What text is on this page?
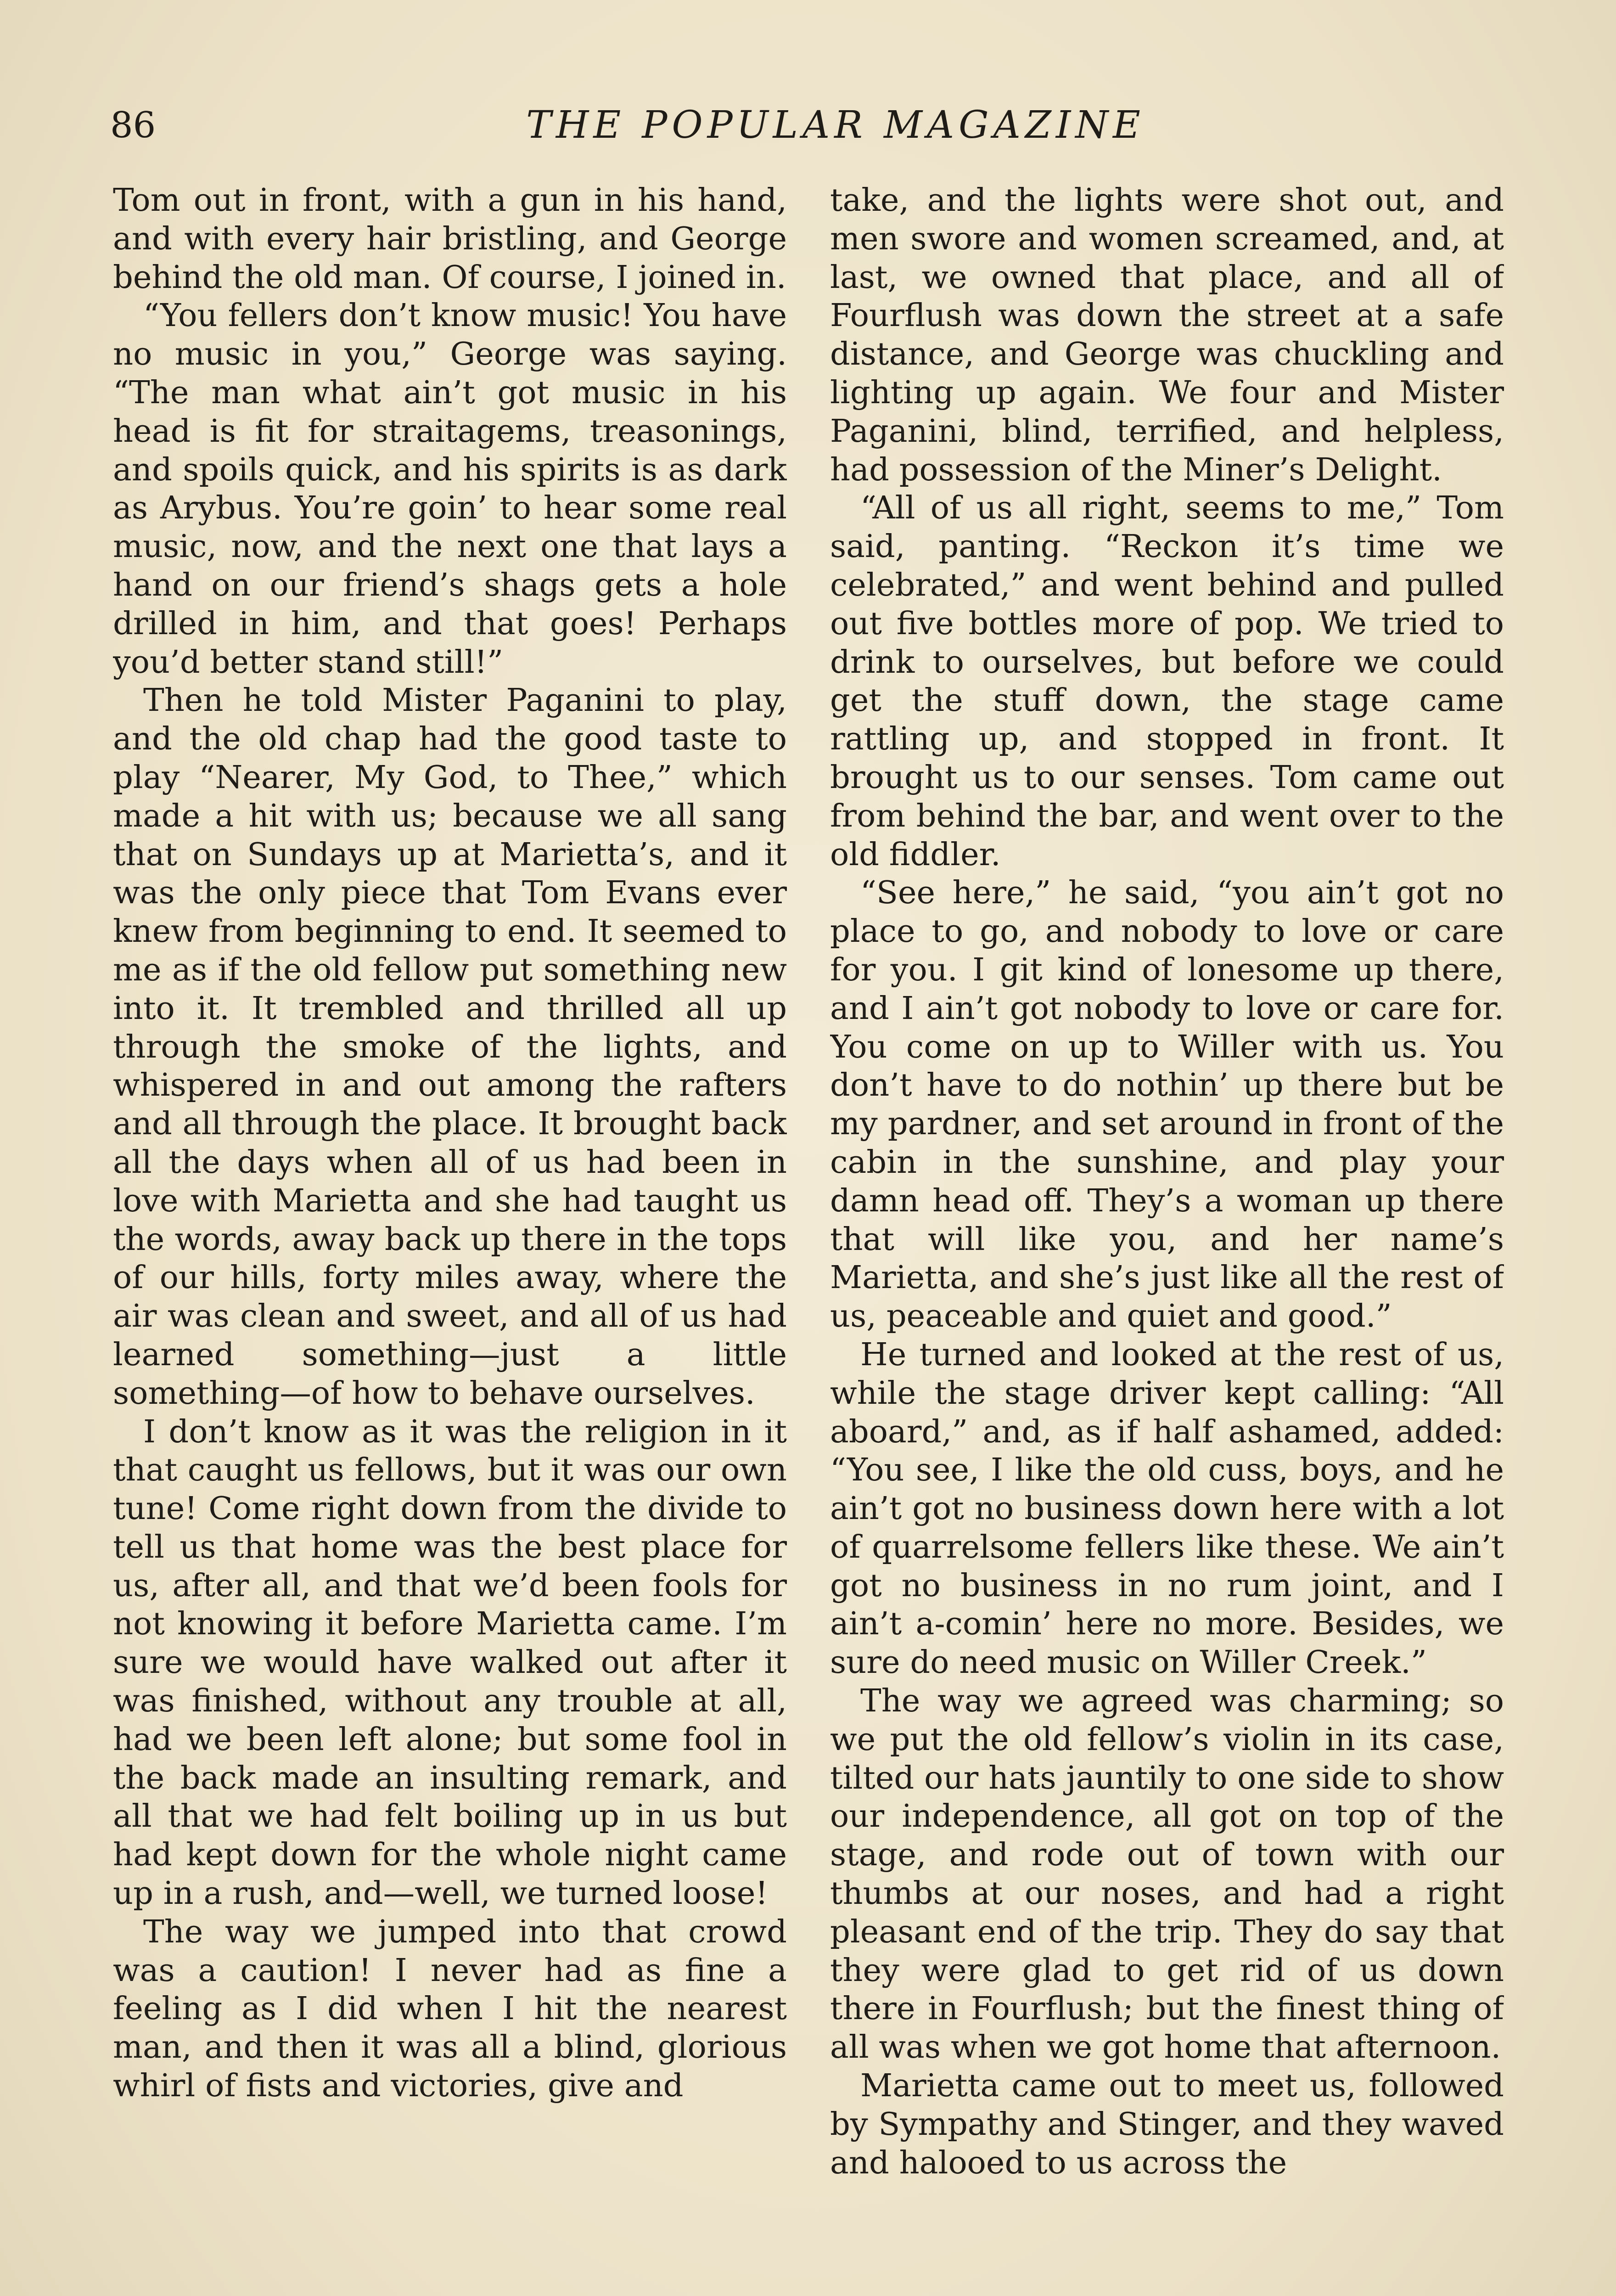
86	THE POPULAR MAGAZINE

Tom out in front, with a gun in his hand, and with every hair bristling, and George behind the old man. Of course, I joined in.

“You fellers don’t know music! You have no music in you,” George was saying. “The man what ain’t got music in his head is fit for straitagems, treasonings, and spoils quick, and his spirits is as dark as Arybus. You’re goin’ to hear some real music, now, and the next one that lays a hand on our friend’s shags gets a hole drilled in him, and that goes! Perhaps you’d better stand still!”

Then he told Mister Paganini to play, and the old chap had the good taste to play “Nearer, My God, to Thee,” which made a hit with us; because we all sang that on Sundays up at Marietta’s, and it was the only piece that Tom Evans ever knew from beginning to end. It seemed to me as if the old fellow put something new into it. It trembled and thrilled all up through the smoke of the lights, and whispered in and out among the rafters and all through the place. It brought back all the days when all of us had been in love with Marietta and she had taught us the words, away back up there in the tops of our hills, forty miles away, where the air was clean and sweet, and all of us had learned something—just a little something—of how to behave ourselves.

I don’t know as it was the religion in it that caught us fellows, but it was our own tune! Come right down from the divide to tell us that home was the best place for us, after all, and that we’d been fools for not knowing it before Marietta came. I’m sure we would have walked out after it was finished, without any trouble at all, had we been left alone; but some fool in the back made an insulting remark, and all that we had felt boiling up in us but had kept down for the whole night came up in a rush, and—well, we turned loose!

The way we jumped into that crowd was a caution! I never had as fine a feeling as I did when I hit the nearest man, and then it was all a blind, glorious whirl of fists and victories, give and

take, and the lights were shot out, and men swore and women screamed, and, at last, we owned that place, and all of Fourflush was down the street at a safe distance, and George was chuckling and lighting up again. We four and Mister Paganini, blind, terrified, and helpless, had possession of the Miner’s Delight.

“All of us all right, seems to me,” Tom said, panting. “Reckon it’s time we celebrated,” and went behind and pulled out five bottles more of pop. We tried to drink to ourselves, but before we could get the stuff down, the stage came rattling up, and stopped in front. It brought us to our senses. Tom came out from behind the bar, and went over to the old fiddler.

“See here,” he said, “you ain’t got no place to go, and nobody to love or care for you. I git kind of lonesome up there, and I ain’t got nobody to love or care for. You come on up to Willer with us. You don’t have to do nothin’ up there but be my pardner, and set around in front of the cabin in the sunshine, and play your damn head off. They’s a woman up there that will like you, and her name’s Marietta, and she’s just like all the rest of us, peaceable and quiet and good.”

He turned and looked at the rest of us, while the stage driver kept calling: “All aboard,” and, as if half ashamed, added: “You see, I like the old cuss, boys, and he ain’t got no business down here with a lot of quarrelsome fellers like these. We ain’t got no business in no rum joint, and I ain’t a-comin’ here no more. Besides, we sure do need music on Willer Creek.”

The way we agreed was charming; so we put the old fellow’s violin in its case, tilted our hats jauntily to one side to show our independence, all got on top of the stage, and rode out of town with our thumbs at our noses, and had a right pleasant end of the trip. They do say that they were glad to get rid of us down there in Fourflush; but the finest thing of all was when we got home that afternoon.

Marietta came out to meet us, followed by Sympathy and Stinger, and they waved and halooed to us across the
